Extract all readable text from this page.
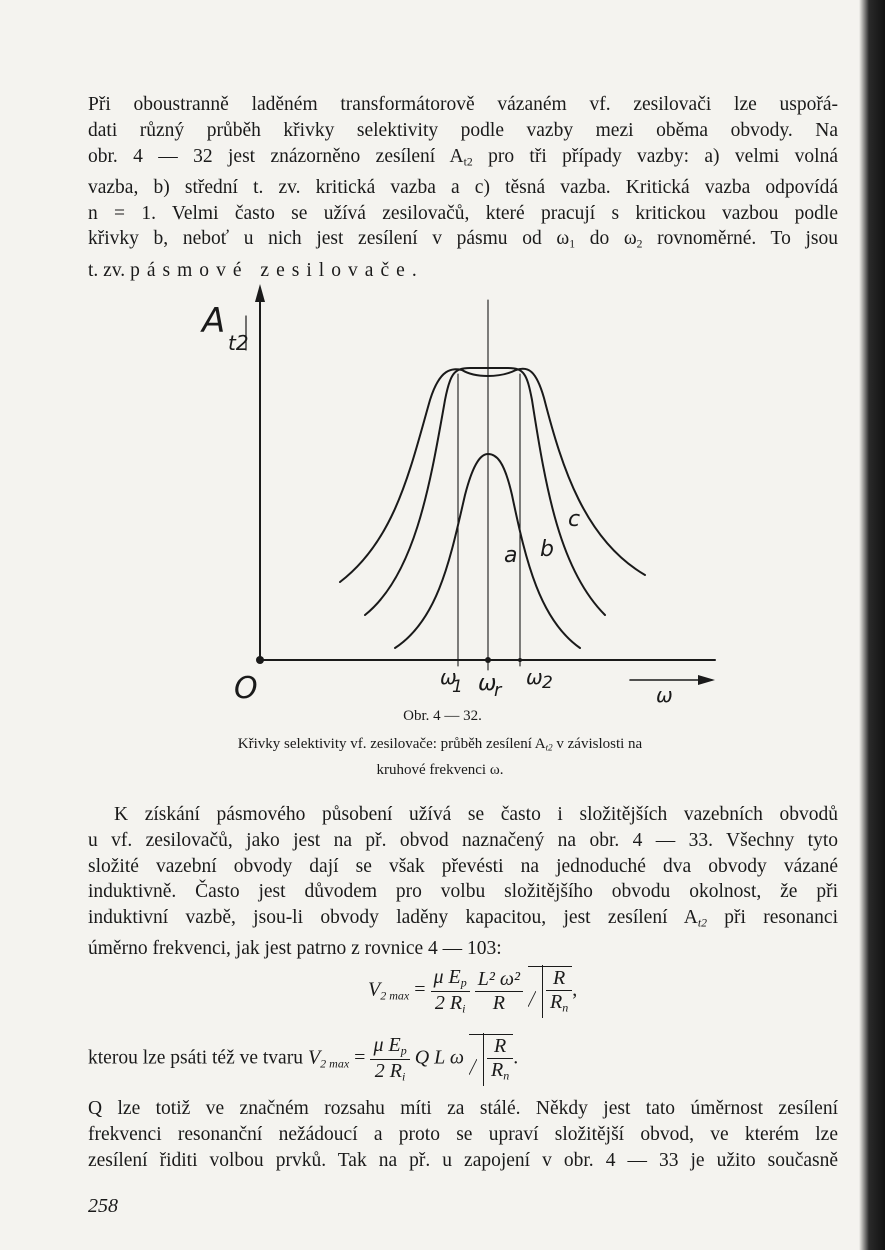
Při oboustranně laděném transformátorově vázaném vf. zesilovači lze uspořá-
dati různý průběh křivky selektivity podle vazby mezi oběma obvody. Na
obr. 4 — 32 jest znázorněno zesílení $A_{t2}$ pro tři případy vazby: a) velmi volná
vazba, b) střední t. zv. kritická vazba a c) těsná vazba. Kritická vazba odpovídá
n = 1. Velmi často se užívá zesilovačů, které pracují s kritickou vazbou podle
křivky b, neboť u nich jest zesílení v pásmu od $\omega_1$ do $\omega_2$ rovnoměrné. To jsou
t. zv. pásmové zesilovače.
A
t2
O	ω
ω
1 ω
r
ω 2
a b
c
Obr. 4 — 32.
Křivky selektivity vf. zesilovače: průběh zesílení $A_{t2}$ v závislosti na
kruhové frekvenci ω.
K získání pásmového působení užívá se často i složitějších vazebních obvodů
u vf. zesilovačů, jako jest na př. obvod naznačený na obr. 4 — 33. Všechny tyto
složité vazební obvody dají se však převésti na jednoduché dva obvody vázané
induktivně. Často jest důvodem pro volbu složitějšího obvodu okolnost, že při
induktivní vazbě, jsou-li obvody laděny kapacitou, jest zesílení $A_{t2}$ při resonanci
úměrno frekvenci, jak jest patrno z rovnice 4 — 103:
$V_{2 max} = \frac{\mu E_p}{2 R_i}$
$\frac{\text{L² ω²}}{R}$
$\frac{R}{R_n}$ ,
kterou lze psáti též ve tvaru $V_{2 max} = \frac{\mu E_p}{2 R_i}$ Q L ω $\frac{R}{R_n}$ .
Q lze totiž ve značném rozsahu míti za stálé. Někdy jest tato úměrnost zesílení
frekvenci resonanční nežádoucí a proto se upraví složitější obvod, ve kterém lze
zesílení řiditi volbou prvků. Tak na př. u zapojení v obr. 4 — 33 je užito současně
258
